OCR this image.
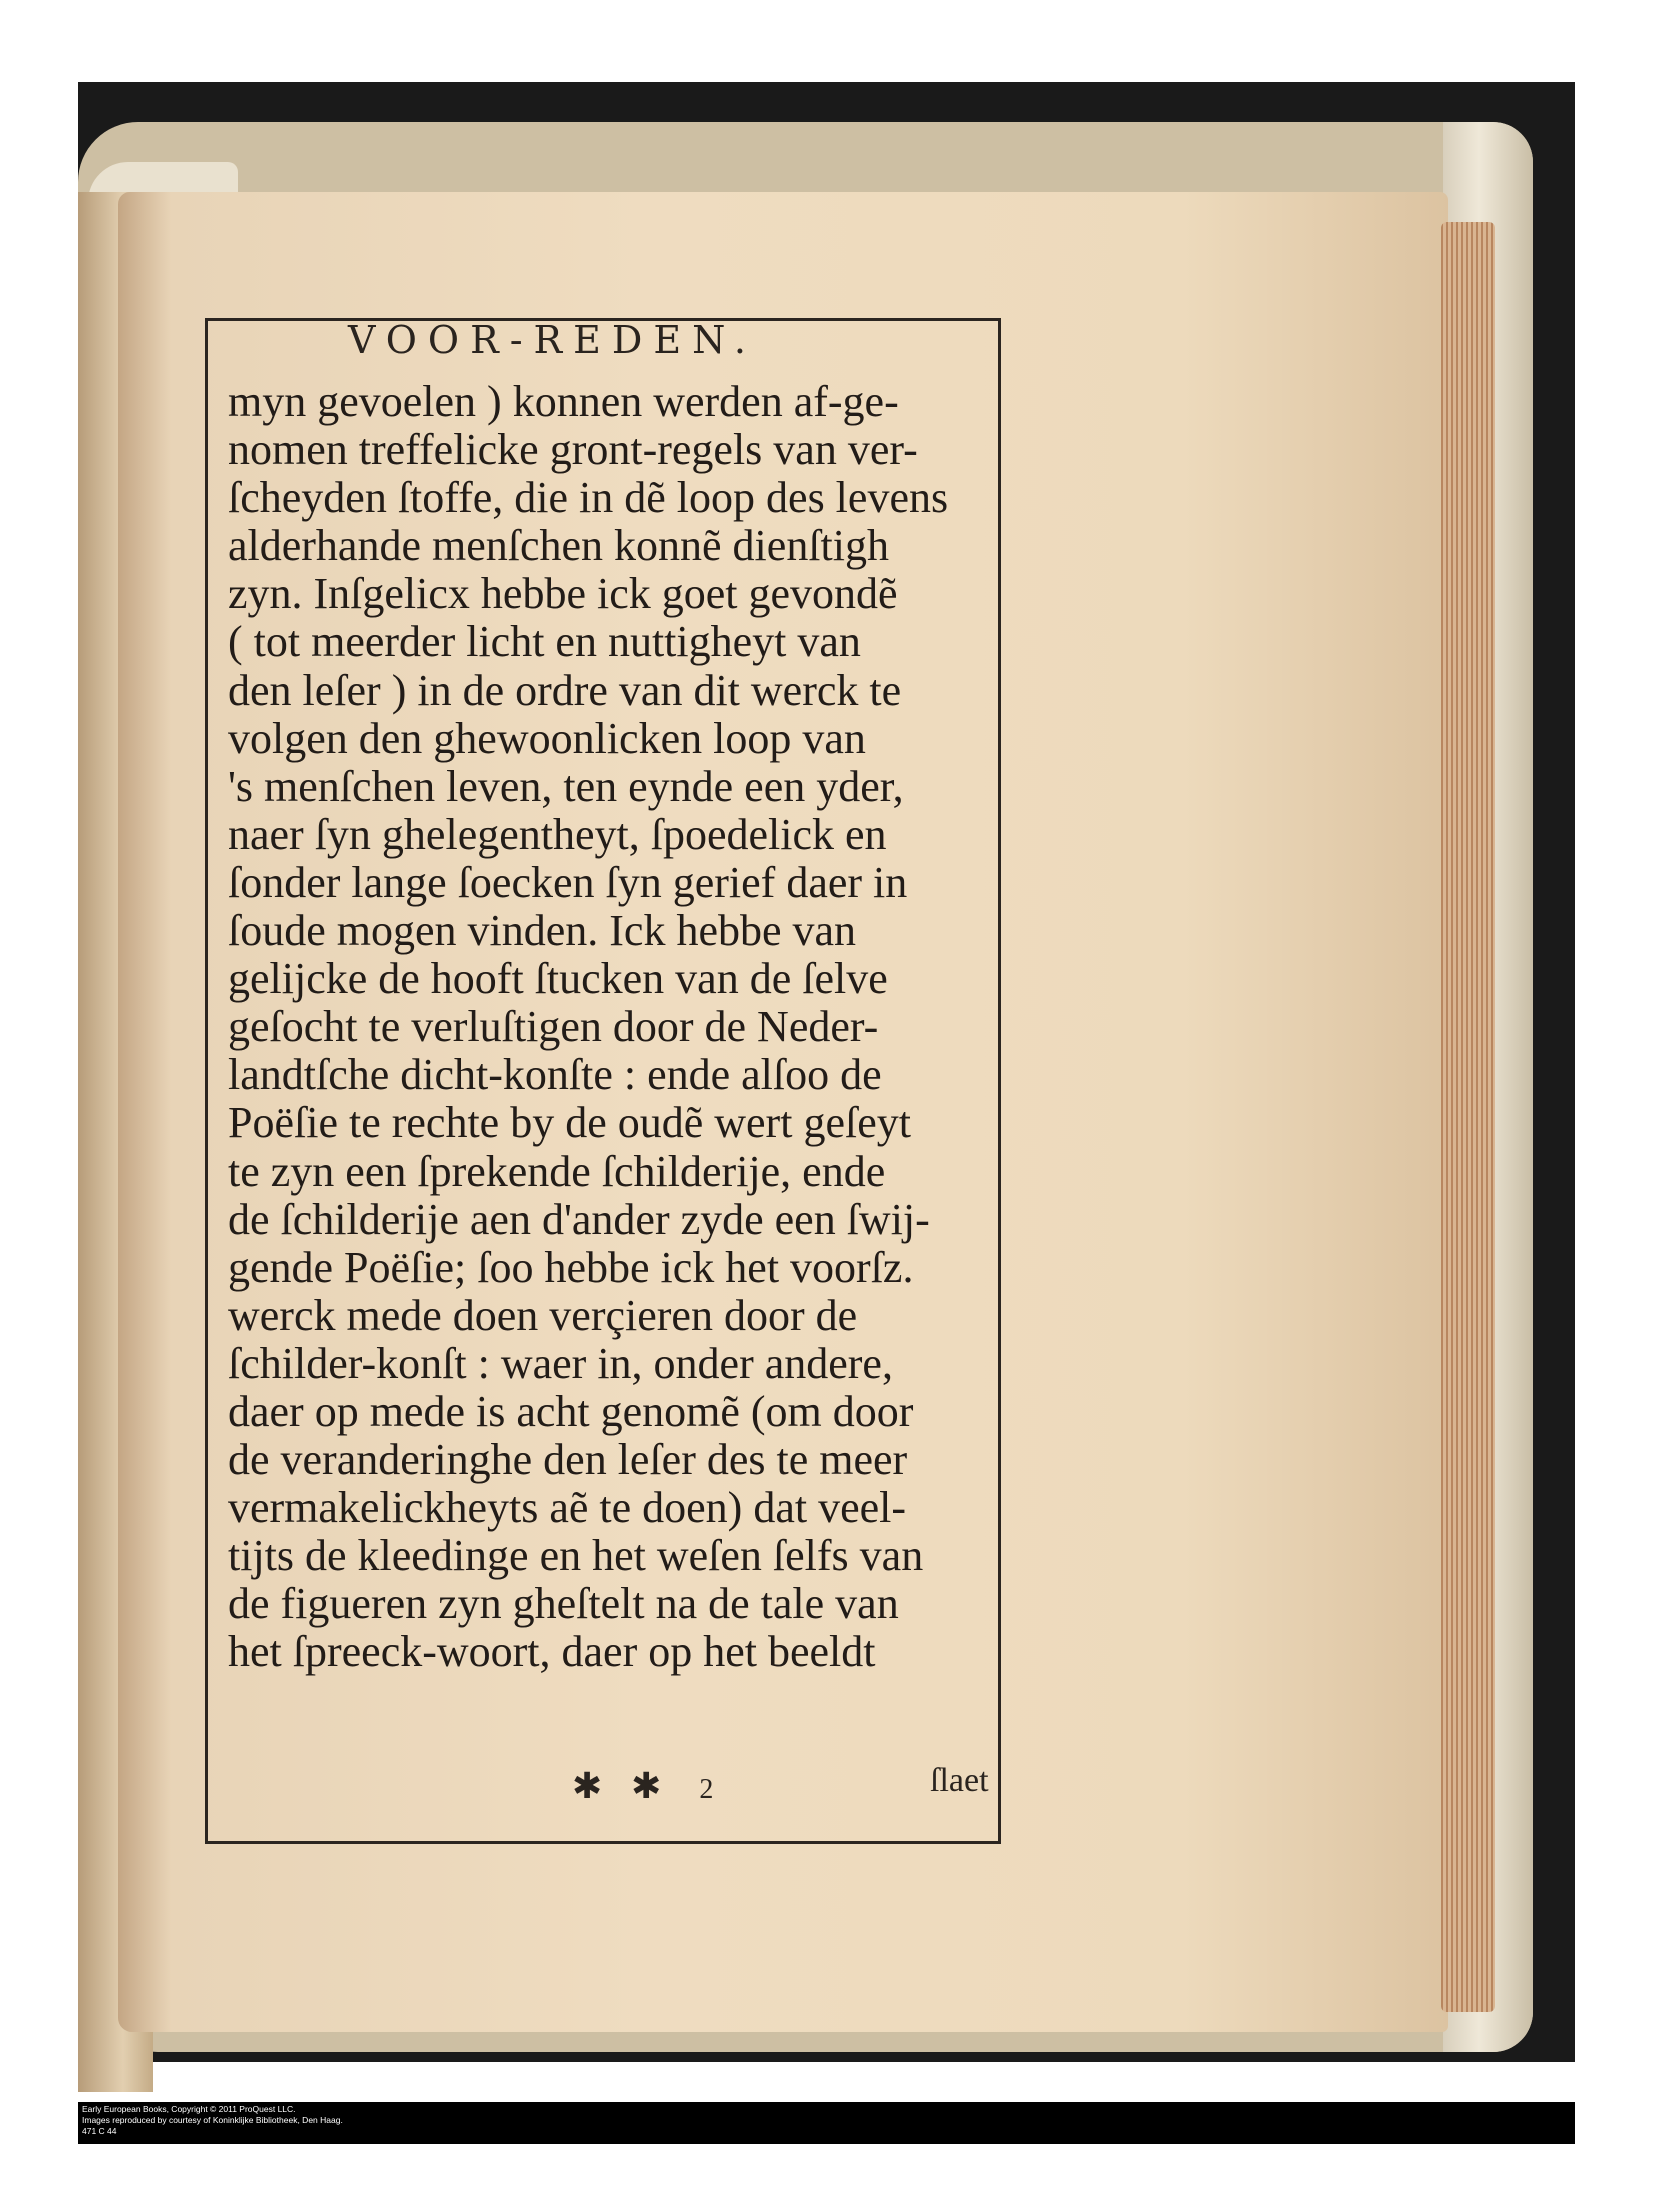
Early European Books, Copyright © 2011 ProQuest LLC.
Images reproduced by courtesy of Koninklijke Bibliotheek, Den Haag.
471 C 44
VOOR-REDEN.
myn gevoelen ) konnen werden af-ge-
nomen treffelicke gront-regels van ver-
ſcheyden ſtoffe, die in dẽ loop des levens
alderhande menſchen konnẽ dienſtigh
zyn. Inſgelicx hebbe ick goet gevondẽ
( tot meerder licht en nuttigheyt van
den leſer ) in de ordre van dit werck te
volgen den ghewoonlicken loop van
's menſchen leven, ten eynde een yder,
naer ſyn ghelegentheyt, ſpoedelick en
ſonder lange ſoecken ſyn gerief daer in
ſoude mogen vinden. Ick hebbe van
gelijcke de hooft ſtucken van de ſelve
geſocht te verluſtigen door de Neder-
landtſche dicht-konſte : ende alſoo de
Poëſie te rechte by de oudẽ wert geſeyt
te zyn een ſprekende ſchilderije, ende
de ſchilderije aen d'ander zyde een ſwij-
gende Poëſie; ſoo hebbe ick het voorſz.
werck mede doen verçieren door de
ſchilder-konſt : waer in, onder andere,
daer op mede is acht genomẽ (om door
de veranderinghe den leſer des te meer
vermakelickheyts aẽ te doen) dat veel-
tijts de kleedinge en het weſen ſelfs van
de figueren zyn gheſtelt na de tale van
het ſpreeck-woort, daer op het beeldt
✱ ✱ 2	ſlaet
